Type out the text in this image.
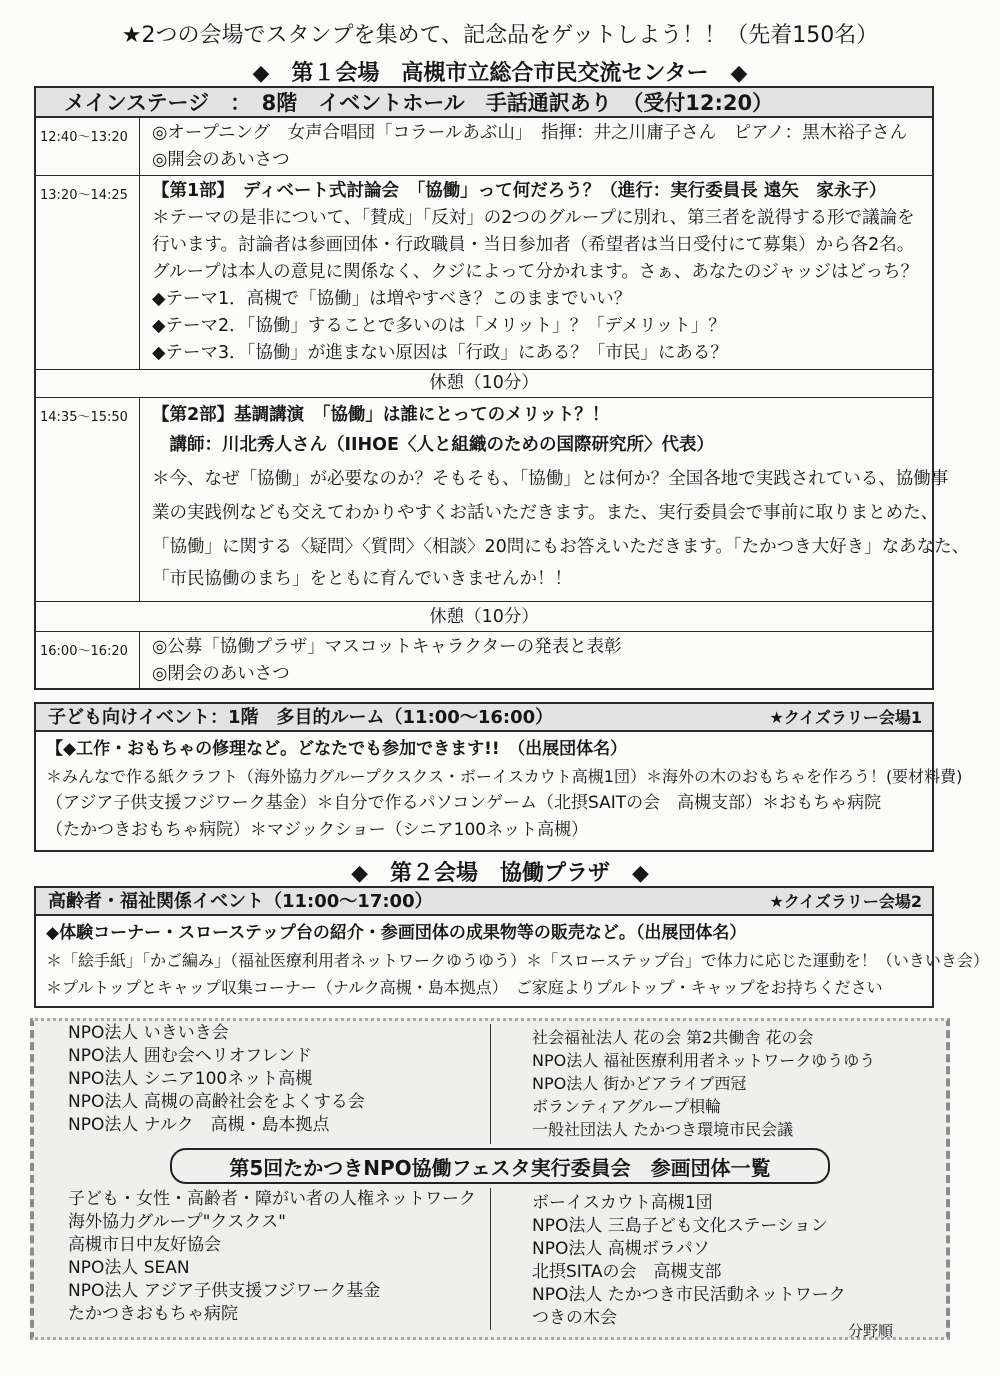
★2つの会場でスタンプを集めて、記念品をゲットしよう！！（先着150名）
◆　第１会場　高槻市立総合市民交流センター　◆
メインステージ　：　8階　イベントホール　手話通訳あり　（受付12:20）
12:40～13:20	◎オープニング　女声合唱団「コラールあぶ山」　指揮：井之川庸子さん　ピアノ：黒木裕子さん
◎開会のあいさつ
13:20～14:25	【第1部】　ディベート式討論会　「協働」って何だろう？（進行：実行委員長 遠矢　家永子）
＊テーマの是非について、「賛成」「反対」の2つのグループに別れ、第三者を説得する形で議論を
行います。討論者は参画団体・行政職員・当日参加者（希望者は当日受付にて募集）から各2名。
グループは本人の意見に関係なく、クジによって分かれます。さぁ、あなたのジャッジはどっち？
◆テーマ1．高槻で「協働」は増やすべき？このままでいい？
◆テーマ2．「協働」することで多いのは「メリット」？「デメリット」？
◆テーマ3．「協働」が進まない原因は「行政」にある？「市民」にある？
休憩（10分）
14:35～15:50	【第2部】基調講演　「協働」は誰にとってのメリット？！
　講師：川北秀人さん（IIHOE〈人と組織のための国際研究所〉代表）
＊今、なぜ「協働」が必要なのか？そもそも、「協働」とは何か？全国各地で実践されている、協働事
業の実践例なども交えてわかりやすくお話いただきます。また、実行委員会で事前に取りまとめた、
「協働」に関する〈疑問〉〈質問〉〈相談〉20問にもお答えいただきます。「たかつき大好き」なあなた、
「市民協働のまち」をともに育んでいきませんか！！
休憩（10分）
16:00～16:20	◎公募「協働プラザ」マスコットキャラクターの発表と表彰
◎閉会のあいさつ
子ども向けイベント：1階　多目的ルーム（11:00～16:00）	★クイズラリー会場1
【◆工作・おもちゃの修理など。どなたでも参加できます!!　（出展団体名）
＊みんなで作る紙クラフト（海外協力グループクスクス・ボーイスカウト高槻1団）＊海外の木のおもちゃを作ろう！(要材料費)
（アジア子供支援フジワーク基金）＊自分で作るパソコンゲーム（北摂SAITの会　高槻支部）＊おもちゃ病院
（たかつきおもちゃ病院）＊マジックショー（シニア100ネット高槻）
◆　第２会場　協働プラザ　◆
高齢者・福祉関係イベント（11:00～17:00）	★クイズラリー会場2
◆体験コーナー・スローステップ台の紹介・参画団体の成果物等の販売など。（出展団体名）
＊「絵手紙」「かご編み」（福祉医療利用者ネットワークゆうゆう）＊「スローステップ台」で体力に応じた運動を！（いきいき会）
＊プルトップとキャップ収集コーナー（ナルク高槻・島本拠点）　ご家庭よりプルトップ・キャップをお持ちください
NPO法人 いきいき会
NPO法人 囲む会ヘリオフレンド
NPO法人 シニア100ネット高槻
NPO法人 高槻の高齢社会をよくする会
NPO法人 ナルク　高槻・島本拠点
社会福祉法人 花の会 第2共働舎 花の会
NPO法人 福祉医療利用者ネットワークゆうゆう
NPO法人 街かどアライブ西冠
ボランティアグループ梖輪
一般社団法人 たかつき環境市民会議
第5回たかつきNPO協働フェスタ実行委員会　参画団体一覧
子ども・女性・高齢者・障がい者の人権ネットワーク
海外協力グループ"クスクス"
高槻市日中友好協会
NPO法人 SEAN
NPO法人 アジア子供支援フジワーク基金
たかつきおもちゃ病院
ボーイスカウト高槻1団
NPO法人 三島子ども文化ステーション
NPO法人 高槻ボラパソ
北摂SITAの会　高槻支部
NPO法人 たかつき市民活動ネットワーク
つきの木会
分野順
